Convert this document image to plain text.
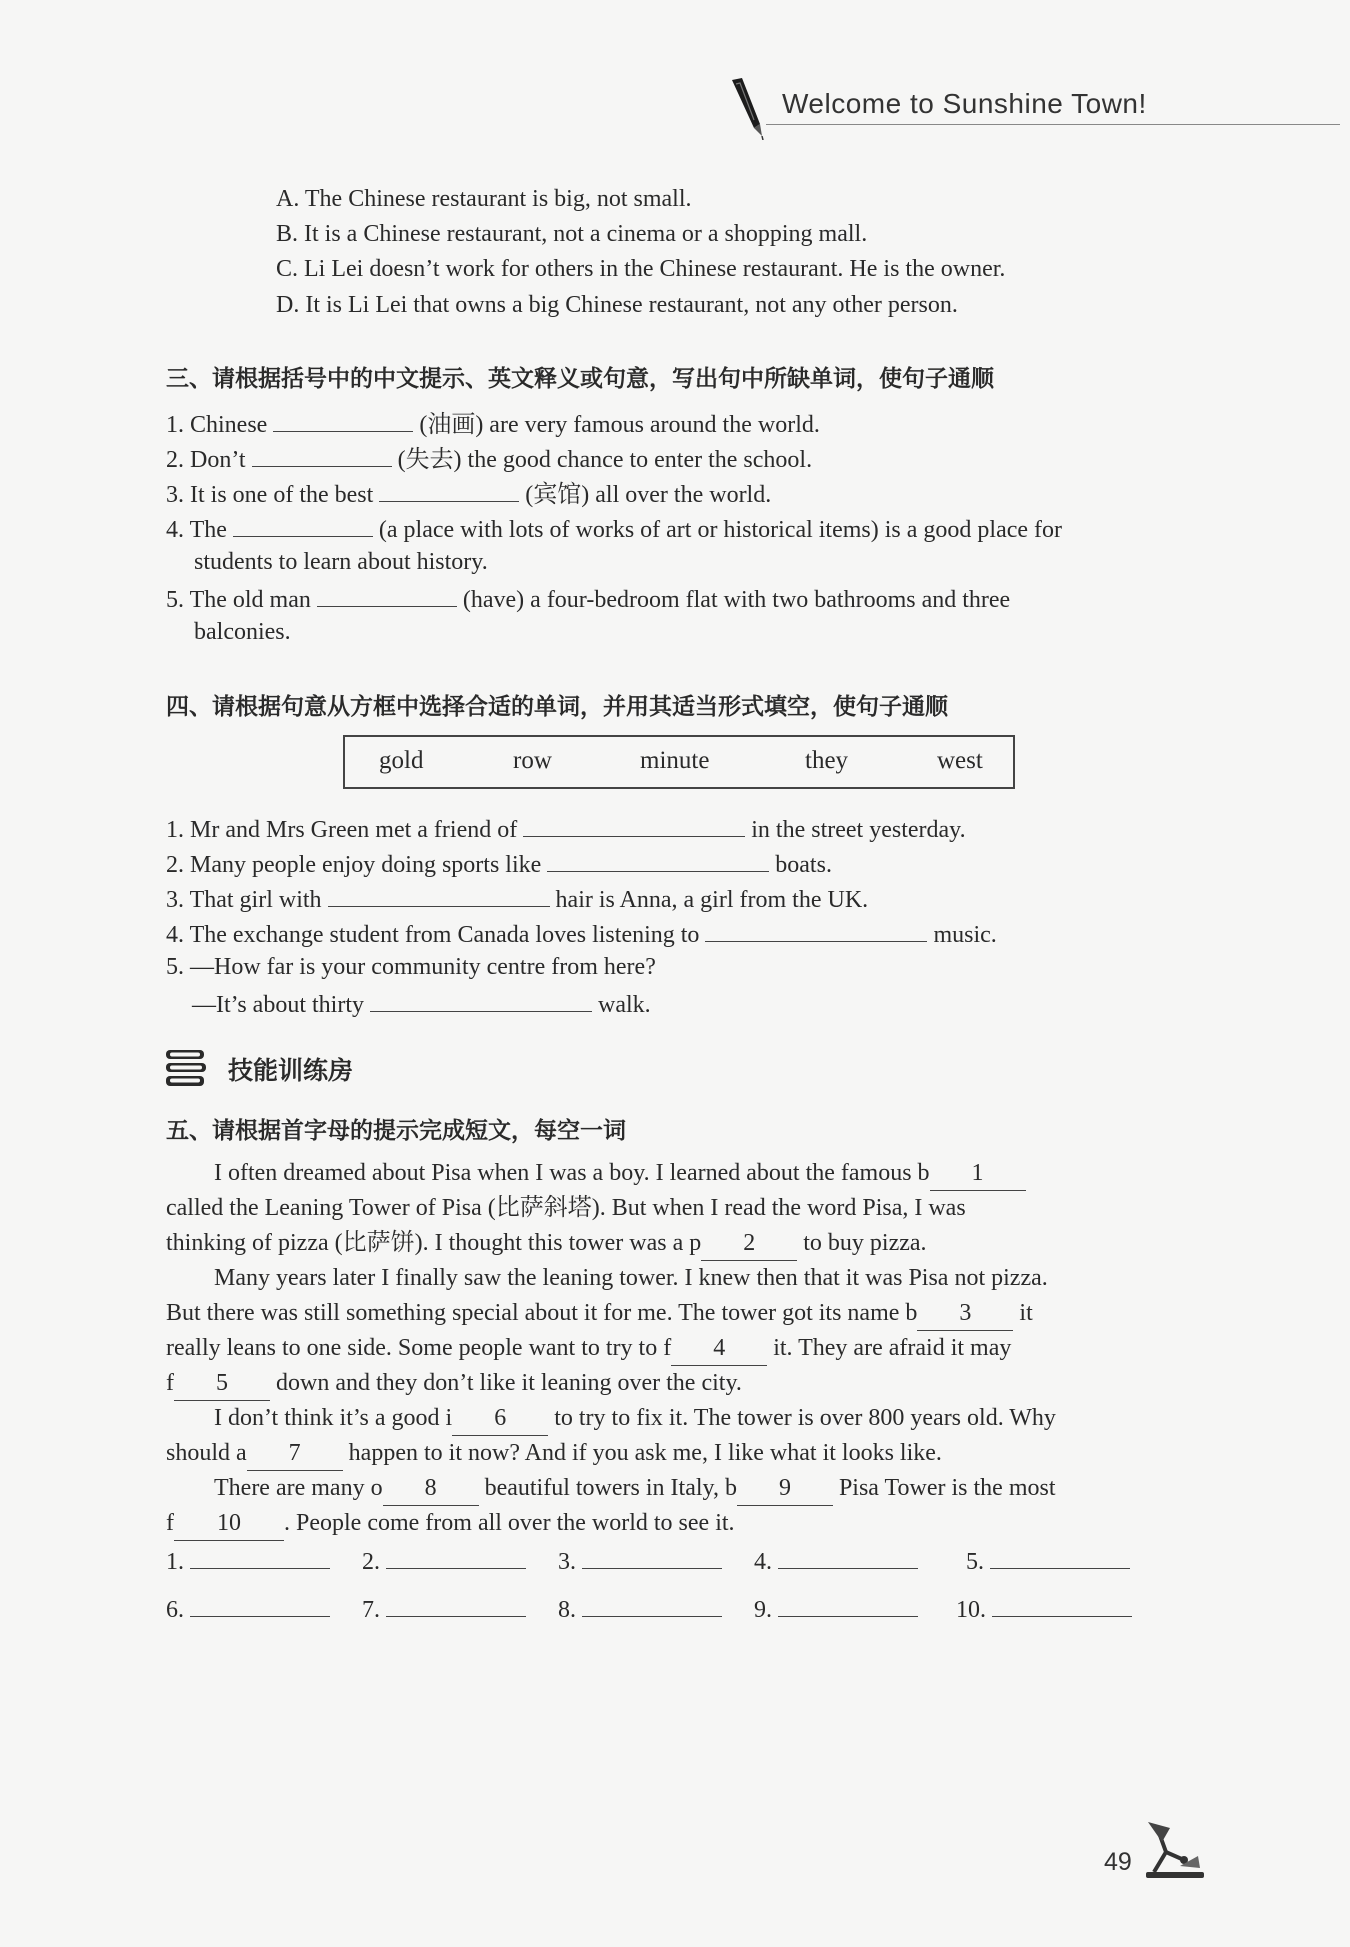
Welcome to Sunshine Town!
A. The Chinese restaurant is big, not small.
B. It is a Chinese restaurant, not a cinema or a shopping mall.
C. Li Lei doesn’t work for others in the Chinese restaurant. He is the owner.
D. It is Li Lei that owns a big Chinese restaurant, not any other person.
三、请根据括号中的中文提示、英文释义或句意，写出句中所缺单词，使句子通顺
1. Chinese	(油画) are very famous around the world.
2. Don’t	(失去) the good chance to enter the school.
3. It is one of the best	(宾馆) all over the world.
4. The	(a place with lots of works of art or historical items) is a good place for
students to learn about history.
5. The old man	(have) a four-bedroom flat with two bathrooms and three
balconies.
四、请根据句意从方框中选择合适的单词，并用其适当形式填空，使句子通顺
gold	row	minute	they	west
1. Mr and Mrs Green met a friend of	in the street yesterday.
2. Many people enjoy doing sports like	boats.
3. That girl with	hair is Anna, a girl from the UK.
4. The exchange student from Canada loves listening to	music.
5. —How far is your community centre from here?
—It’s about thirty	walk.
技能训练房
五、请根据首字母的提示完成短文，每空一词
I often dreamed about Pisa when I was a boy. I learned about the famous b 1
called the Leaning Tower of Pisa (比萨斜塔). But when I read the word Pisa, I was
thinking of pizza (比萨饼). I thought this tower was a p 2 to buy pizza.
Many years later I finally saw the leaning tower. I knew then that it was Pisa not pizza.
But there was still something special about it for me. The tower got its name b 3 it
really leans to one side. Some people want to try to f 4 it. They are afraid it may
f 5 down and they don’t like it leaning over the city.
I don’t think it’s a good i 6 to try to fix it. The tower is over 800 years old. Why
should a 7 happen to it now? And if you ask me, I like what it looks like.
There are many o 8 beautiful towers in Italy, b 9 Pisa Tower is the most
f 10 . People come from all over the world to see it.
1.	2.	3.	4.	5.
6.	7.	8.	9.	10.
49
